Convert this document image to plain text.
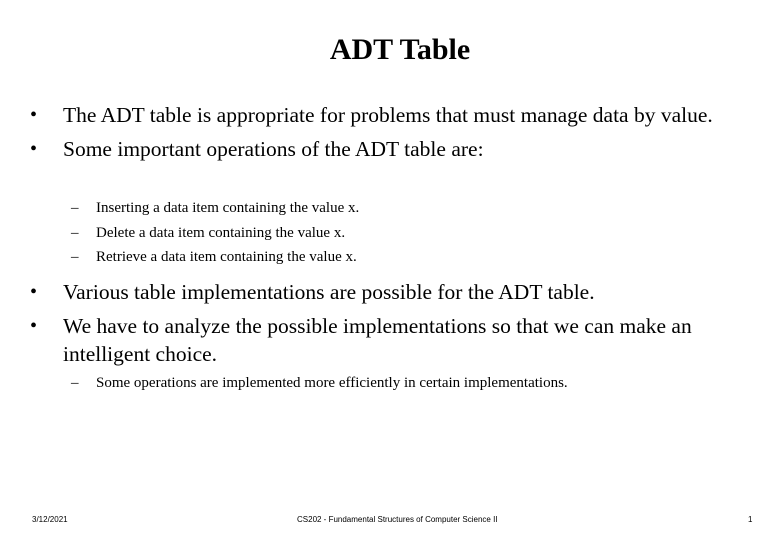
ADT Table

•	The ADT table is appropriate for problems that must manage data by value.

•	Some important operations of the ADT table are:

– Inserting a data item containing the value x.

– Delete a data item containing the value x.

– Retrieve a data item containing the value x.

•	Various table implementations are possible for the ADT table.

•	We have to analyze the possible implementations so that we can make an intelligent choice.

– Some operations are implemented more efficiently in certain implementations.

3/12/2021	CS202 - Fundamental Structures of Computer Science II	1
